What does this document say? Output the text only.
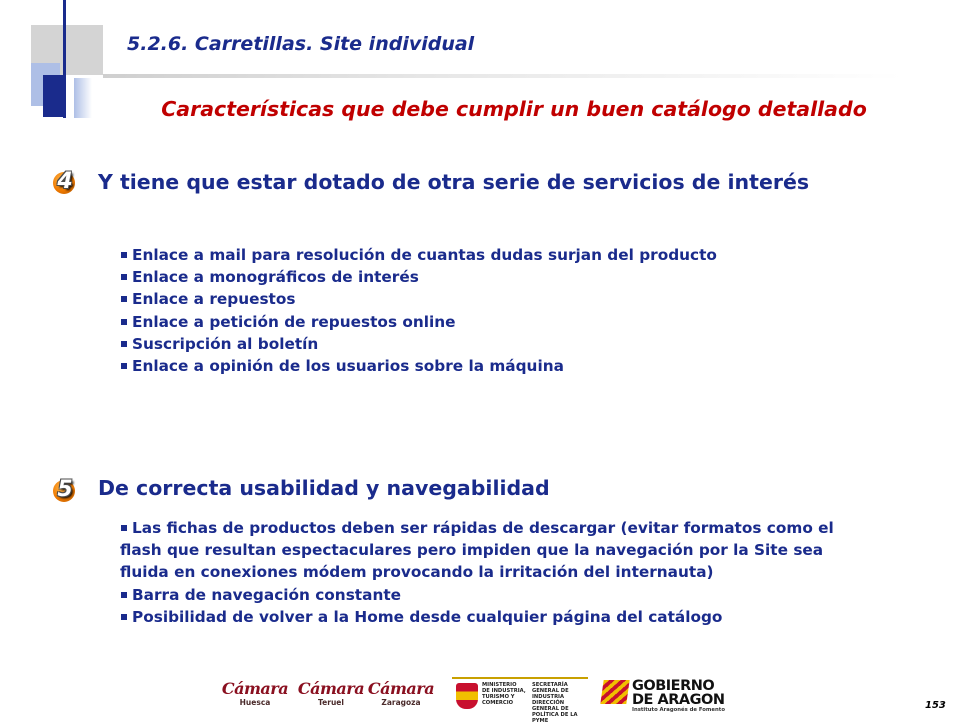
5.2.6. Carretillas. Site individual
Características que debe cumplir un buen catálogo detallado
4	Y tiene que estar dotado de otra serie de servicios de interés

Enlace a mail para resolución de cuantas dudas surjan del producto
Enlace a monográficos de interés
Enlace a repuestos
Enlace a petición de repuestos online
Suscripción al boletín
Enlace a opinión de los usuarios sobre la máquina
5	De correcta usabilidad y navegabilidad

Las fichas de productos deben ser rápidas de descargar (evitar formatos como el flash que resultan espectaculares pero impiden que la navegación por la Site sea fluida en conexiones módem provocando la irritación del internauta)
Barra de navegación constante
Posibilidad de volver a la Home desde cualquier página del catálogo
Cámara
Huesca
Cámara
Teruel
Cámara
Zaragoza
MINISTERIO DE INDUSTRIA, TURISMO Y COMERCIO
SECRETARÍA GENERAL DE INDUSTRIA DIRECCIÓN GENERAL DE POLÍTICA DE LA PYME
GOBIERNO
DE ARAGON
Instituto Aragonés de Fomento	153
